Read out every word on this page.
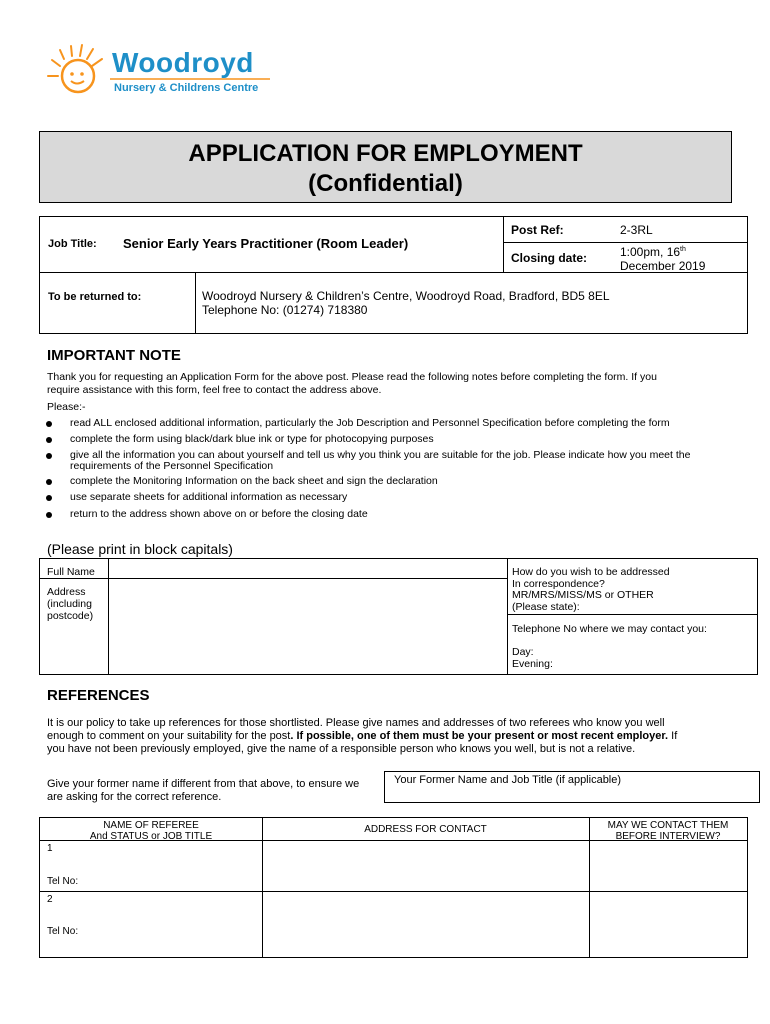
Woodroyd
Nursery & Childrens Centre
APPLICATION FOR EMPLOYMENT
(Confidential)
Job Title: Senior Early Years Practitioner (Room Leader)
Post Ref:	2-3RL
Closing date:	1:00pm, 16th
December 2019
To be returned to:	Woodroyd Nursery & Children’s Centre, Woodroyd Road, Bradford, BD5 8EL
Telephone No: (01274) 718380
IMPORTANT NOTE
Thank you for requesting an Application Form for the above post. Please read the following notes before completing the form. If you
require assistance with this form, feel free to contact the address above.
Please:-
read ALL enclosed additional information, particularly the Job Description and Personnel Specification before completing the form
complete the form using black/dark blue ink or type for photocopying purposes
give all the information you can about yourself and tell us why you think you are suitable for the job. Please indicate how you meet the requirements of the Personnel Specification
complete the Monitoring Information on the back sheet and sign the declaration
use separate sheets for additional information as necessary
return to the address shown above on or before the closing date
(Please print in block capitals)
Full Name
Address
(including
postcode)
How do you wish to be addressed
In correspondence?
MR/MRS/MISS/MS or OTHER
(Please state):
Telephone No where we may contact you:
Day:
Evening:
REFERENCES
It is our policy to take up references for those shortlisted. Please give names and addresses of two referees who know you well
enough to comment on your suitability for the post. If possible, one of them must be your present or most recent employer. If
you have not been previously employed, give the name of a responsible person who knows you well, but is not a relative.
Give your former name if different from that above, to ensure we
are asking for the correct reference.
Your Former Name and Job Title (if applicable)
NAME OF REFEREE
And STATUS or JOB TITLE
ADDRESS FOR CONTACT	MAY WE CONTACT THEM
BEFORE INTERVIEW?
1
Tel No:
2
Tel No:
